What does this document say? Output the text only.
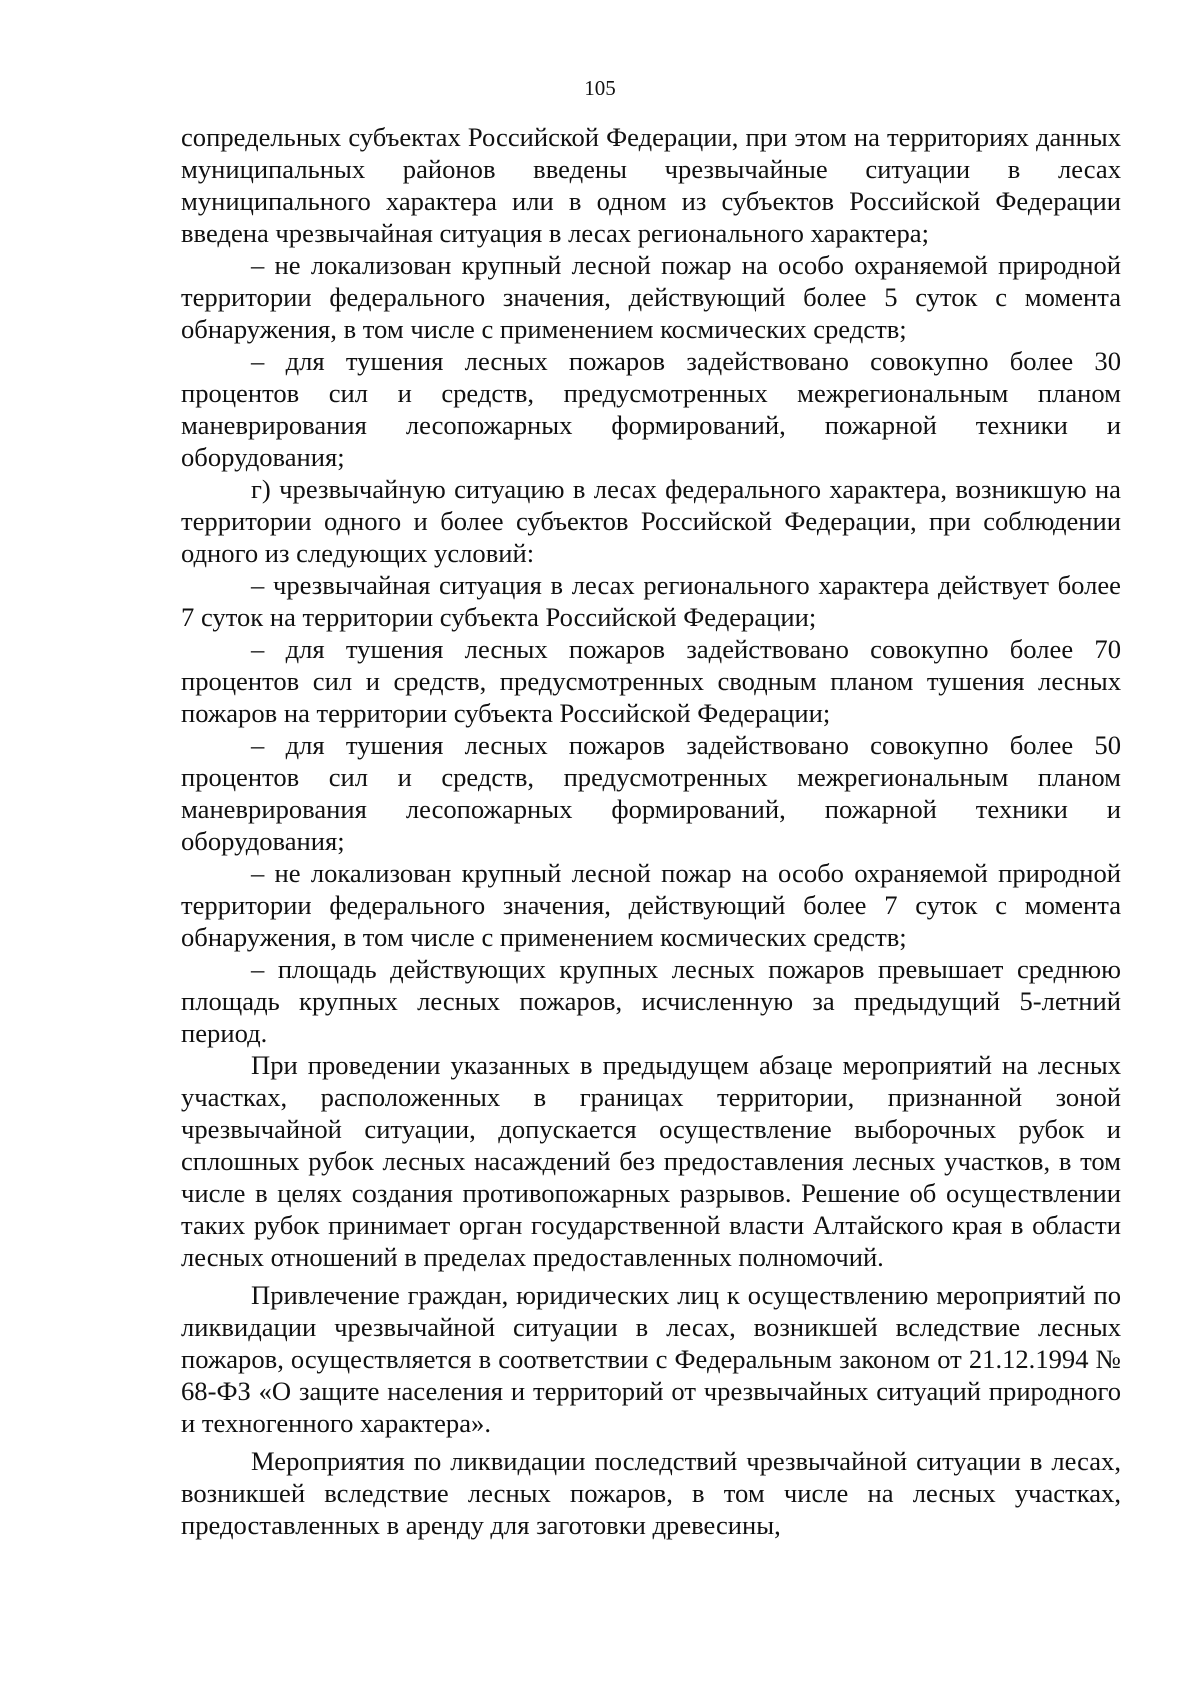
105

сопредельных субъектах Российской Федерации, при этом на территориях данных муниципальных районов введены чрезвычайные ситуации в лесах муниципального характера или в одном из субъектов Российской Федерации введена чрезвычайная ситуация в лесах регионального характера;

– не локализован крупный лесной пожар на особо охраняемой природной территории федерального значения, действующий более 5 суток с момента обнаружения, в том числе с применением космических средств;

– для тушения лесных пожаров задействовано совокупно более 30 процентов сил и средств, предусмотренных межрегиональным планом маневрирования лесопожарных формирований, пожарной техники и оборудования;

г) чрезвычайную ситуацию в лесах федерального характера, возникшую на территории одного и более субъектов Российской Федерации, при соблюдении одного из следующих условий:

– чрезвычайная ситуация в лесах регионального характера действует более 7 суток на территории субъекта Российской Федерации;

– для тушения лесных пожаров задействовано совокупно более 70 процентов сил и средств, предусмотренных сводным планом тушения лесных пожаров на территории субъекта Российской Федерации;

– для тушения лесных пожаров задействовано совокупно более 50 процентов сил и средств, предусмотренных межрегиональным планом маневрирования лесопожарных формирований, пожарной техники и оборудования;

– не локализован крупный лесной пожар на особо охраняемой природной территории федерального значения, действующий более 7 суток с момента обнаружения, в том числе с применением космических средств;

– площадь действующих крупных лесных пожаров превышает среднюю площадь крупных лесных пожаров, исчисленную за предыдущий 5-летний период.

При проведении указанных в предыдущем абзаце мероприятий на лесных участках, расположенных в границах территории, признанной зоной чрезвычайной ситуации, допускается осуществление выборочных рубок и сплошных рубок лесных насаждений без предоставления лесных участков, в том числе в целях создания противопожарных разрывов. Решение об осуществлении таких рубок принимает орган государственной власти Алтайского края в области лесных отношений в пределах предоставленных полномочий.

Привлечение граждан, юридических лиц к осуществлению мероприятий по ликвидации чрезвычайной ситуации в лесах, возникшей вследствие лесных пожаров, осуществляется в соответствии с Федеральным законом от 21.12.1994 № 68-ФЗ «О защите населения и территорий от чрезвычайных ситуаций природного и техногенного характера».

Мероприятия по ликвидации последствий чрезвычайной ситуации в лесах, возникшей вследствие лесных пожаров, в том числе на лесных участках, предоставленных в аренду для заготовки древесины,
